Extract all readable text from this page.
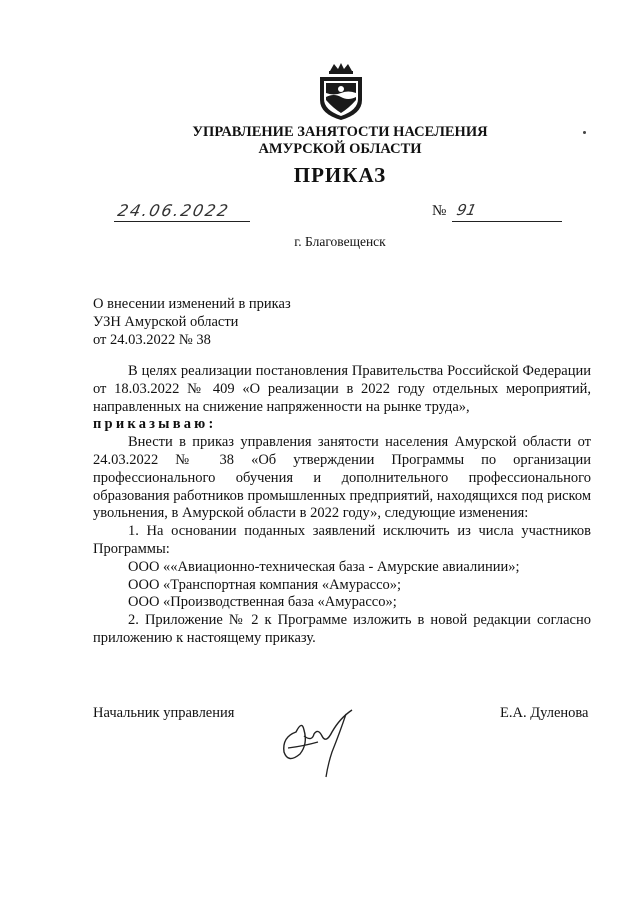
УПРАВЛЕНИЕ ЗАНЯТОСТИ НАСЕЛЕНИЯ
АМУРСКОЙ ОБЛАСТИ
ПРИКАЗ
24.06.2022	№ 91
г. Благовещенск
О внесении изменений в приказ
УЗН Амурской области
от 24.03.2022 № 38

В целях реализации постановления Правительства Российской Федерации от 18.03.2022 № 409 «О реализации в 2022 году отдельных мероприятий, направленных на снижение напряженности на рынке труда»,

приказываю:

Внести в приказ управления занятости населения Амурской области от 24.03.2022 № 38 «Об утверждении Программы по организации профессионального обучения и дополнительного профессионального образования работников промышленных предприятий, находящихся под риском увольнения, в Амурской области в 2022 году», следующие изменения:

1. На основании поданных заявлений исключить из числа участников Программы:

ООО ««Авиационно-техническая база - Амурские авиалинии»;

ООО «Транспортная компания «Амурассо»;

ООО «Производственная база «Амурассо»;

2. Приложение № 2 к Программе изложить в новой редакции согласно приложению к настоящему приказу.

Начальник управления	Е.А. Дуленова
